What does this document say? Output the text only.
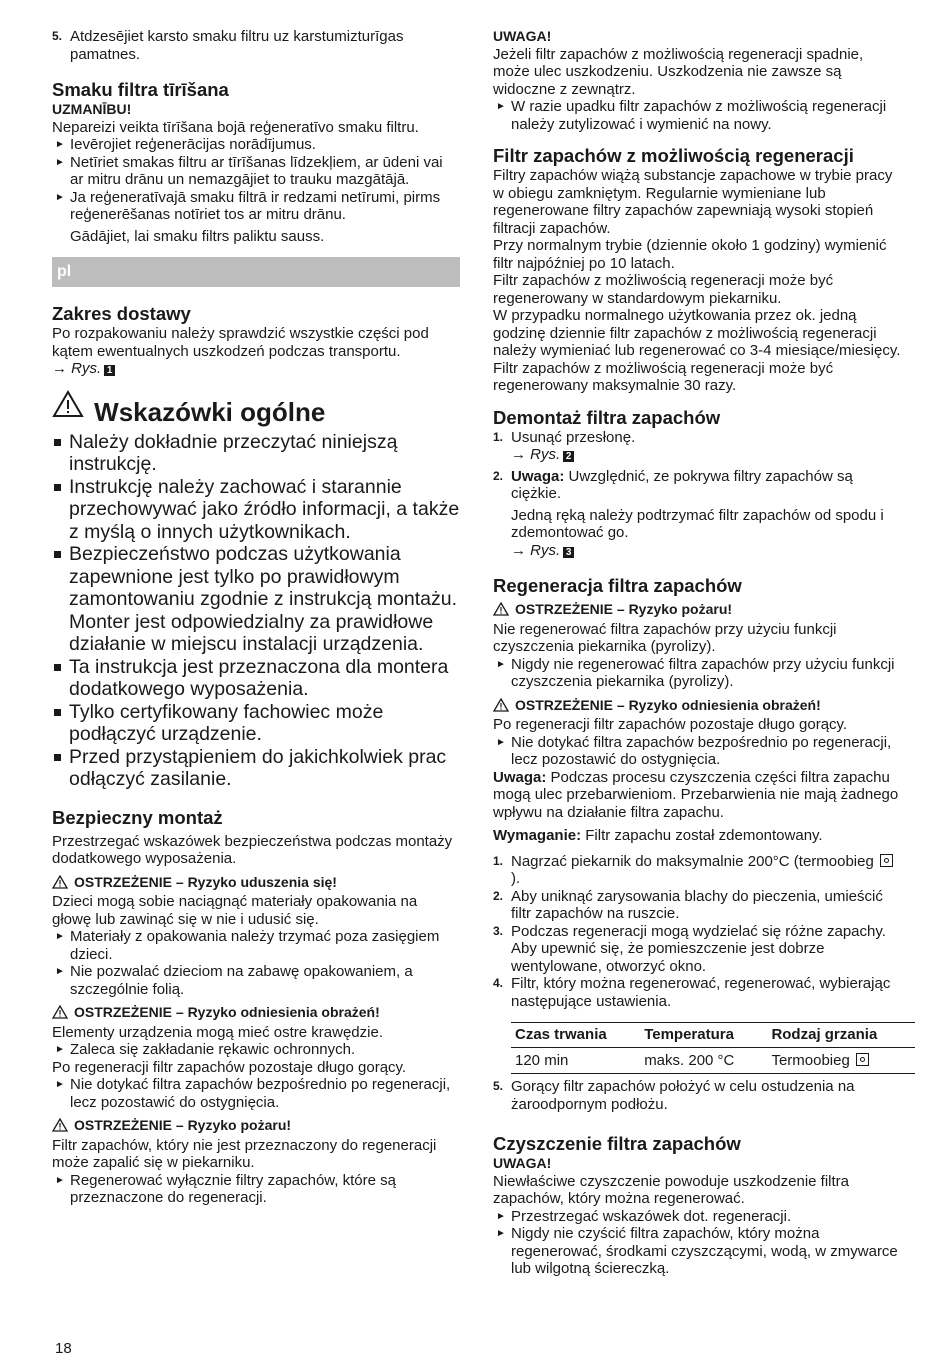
5. Atdzesējiet karsto smaku filtru uz karstumizturīgas pamatnes.

Smaku filtra tīrīšana

UZMANĪBU!

Nepareizi veikta tīrīšana bojā reģeneratīvo smaku filtru.

► Ievērojiet reģenerācijas norādījumus.

► Netīriet smakas filtru ar tīrīšanas līdzekļiem, ar ūdeni vai ar mitru drānu un nemazgājiet to trauku mazgātājā.

► Ja reģeneratīvajā smaku filtrā ir redzami netīrumi, pirms reģenerēšanas notīriet tos ar mitru drānu.

Gādājiet, lai smaku filtrs paliktu sauss.

pl
Zakres dostawy

Po rozpakowaniu należy sprawdzić wszystkie części pod kątem ewentualnych uszkodzeń podczas transportu.

→ Rys. 1

Wskazówki ogólne

Należy dokładnie przeczytać niniejszą instrukcję.

Instrukcję należy zachować i starannie przechowywać jako źródło informacji, a także z myślą o innych użytkownikach.

Bezpieczeństwo podczas użytkowania zapewnione jest tylko po prawidłowym zamontowaniu zgodnie z instrukcją montażu. Monter jest odpowiedzialny za prawidłowe działanie w miejscu instalacji urządzenia.

Ta instrukcja jest przeznaczona dla montera dodatkowego wyposażenia.

Tylko certyfikowany fachowiec może podłączyć urządzenie.

Przed przystąpieniem do jakichkolwiek prac odłączyć zasilanie.

Bezpieczny montaż

Przestrzegać wskazówek bezpieczeństwa podczas montaży dodatkowego wyposażenia.

OSTRZEŻENIE – Ryzyko uduszenia się!

Dzieci mogą sobie naciągnąć materiały opakowania na głowę lub zawinąć się w nie i udusić się.

► Materiały z opakowania należy trzymać poza zasięgiem dzieci.

► Nie pozwalać dzieciom na zabawę opakowaniem, a szczególnie folią.

OSTRZEŻENIE – Ryzyko odniesienia obrażeń!

Elementy urządzenia mogą mieć ostre krawędzie.

► Zaleca się zakładanie rękawic ochronnych.

Po regeneracji filtr zapachów pozostaje długo gorący.

► Nie dotykać filtra zapachów bezpośrednio po regeneracji, lecz pozostawić do ostygnięcia.

OSTRZEŻENIE – Ryzyko pożaru!

Filtr zapachów, który nie jest przeznaczony do regeneracji może zapalić się w piekarniku.

► Regenerować wyłącznie filtry zapachów, które są przeznaczone do regeneracji.

UWAGA!

Jeżeli filtr zapachów z możliwością regeneracji spadnie, może ulec uszkodzeniu. Uszkodzenia nie zawsze są widoczne z zewnątrz.

► W razie upadku filtr zapachów z możliwością regeneracji należy zutylizować i wymienić na nowy.

Filtr zapachów z możliwością regeneracji

Filtry zapachów wiążą substancje zapachowe w trybie pracy w obiegu zamkniętym. Regularnie wymieniane lub regenerowane filtry zapachów zapewniają wysoki stopień filtracji zapachów.

Przy normalnym trybie (dziennie około 1 godziny) wymienić filtr najpóźniej po 10 latach.

Filtr zapachów z możliwością regeneracji może być regenerowany w standardowym piekarniku.

W przypadku normalnego użytkowania przez ok. jedną godzinę dziennie filtr zapachów z możliwością regeneracji należy wymieniać lub regenerować co 3-4 miesiące/miesięcy. Filtr zapachów z możliwością regeneracji może być regenerowany maksymalnie 30 razy.

Demontaż filtra zapachów

1. Usunąć przesłonę.

→ Rys. 2

2. Uwaga: Uwzględnić, ze pokrywa filtry zapachów są ciężkie.

Jedną ręką należy podtrzymać filtr zapachów od spodu i zdemontować go.

→ Rys. 3

Regeneracja filtra zapachów

OSTRZEŻENIE – Ryzyko pożaru!

Nie regenerować filtra zapachów przy użyciu funkcji czyszczenia piekarnika (pyrolizy).

► Nigdy nie regenerować filtra zapachów przy użyciu funkcji czyszczenia piekarnika (pyrolizy).

OSTRZEŻENIE – Ryzyko odniesienia obrażeń!

Po regeneracji filtr zapachów pozostaje długo gorący.

► Nie dotykać filtra zapachów bezpośrednio po regeneracji, lecz pozostawić do ostygnięcia.

Uwaga: Podczas procesu czyszczenia części filtra zapachu mogą ulec przebarwieniom. Przebarwienia nie mają żadnego wpływu na działanie filtra zapachu.

Wymaganie: Filtr zapachu został zdemontowany.

1. Nagrzać piekarnik do maksymalnie 200°C (termoobieg ).

2. Aby uniknąć zarysowania blachy do pieczenia, umieścić filtr zapachów na ruszcie.

3. Podczas regeneracji mogą wydzielać się różne zapachy. Aby upewnić się, że pomieszczenie jest dobrze wentylowane, otworzyć okno.

4. Filtr, który można regenerować, regenerować, wybierając następujące ustawienia.

Czas trwania	Temperatura	Rodzaj grzania
120 min	maks. 200 °C	Termoobieg

5. Gorący filtr zapachów położyć w celu ostudzenia na żaroodpornym podłożu.

Czyszczenie filtra zapachów

UWAGA!

Niewłaściwe czyszczenie powoduje uszkodzenie filtra zapachów, który można regenerować.

► Przestrzegać wskazówek dot. regeneracji.

► Nigdy nie czyścić filtra zapachów, który można regenerować, środkami czyszczącymi, wodą, w zmywarce lub wilgotną ściereczką.

18
